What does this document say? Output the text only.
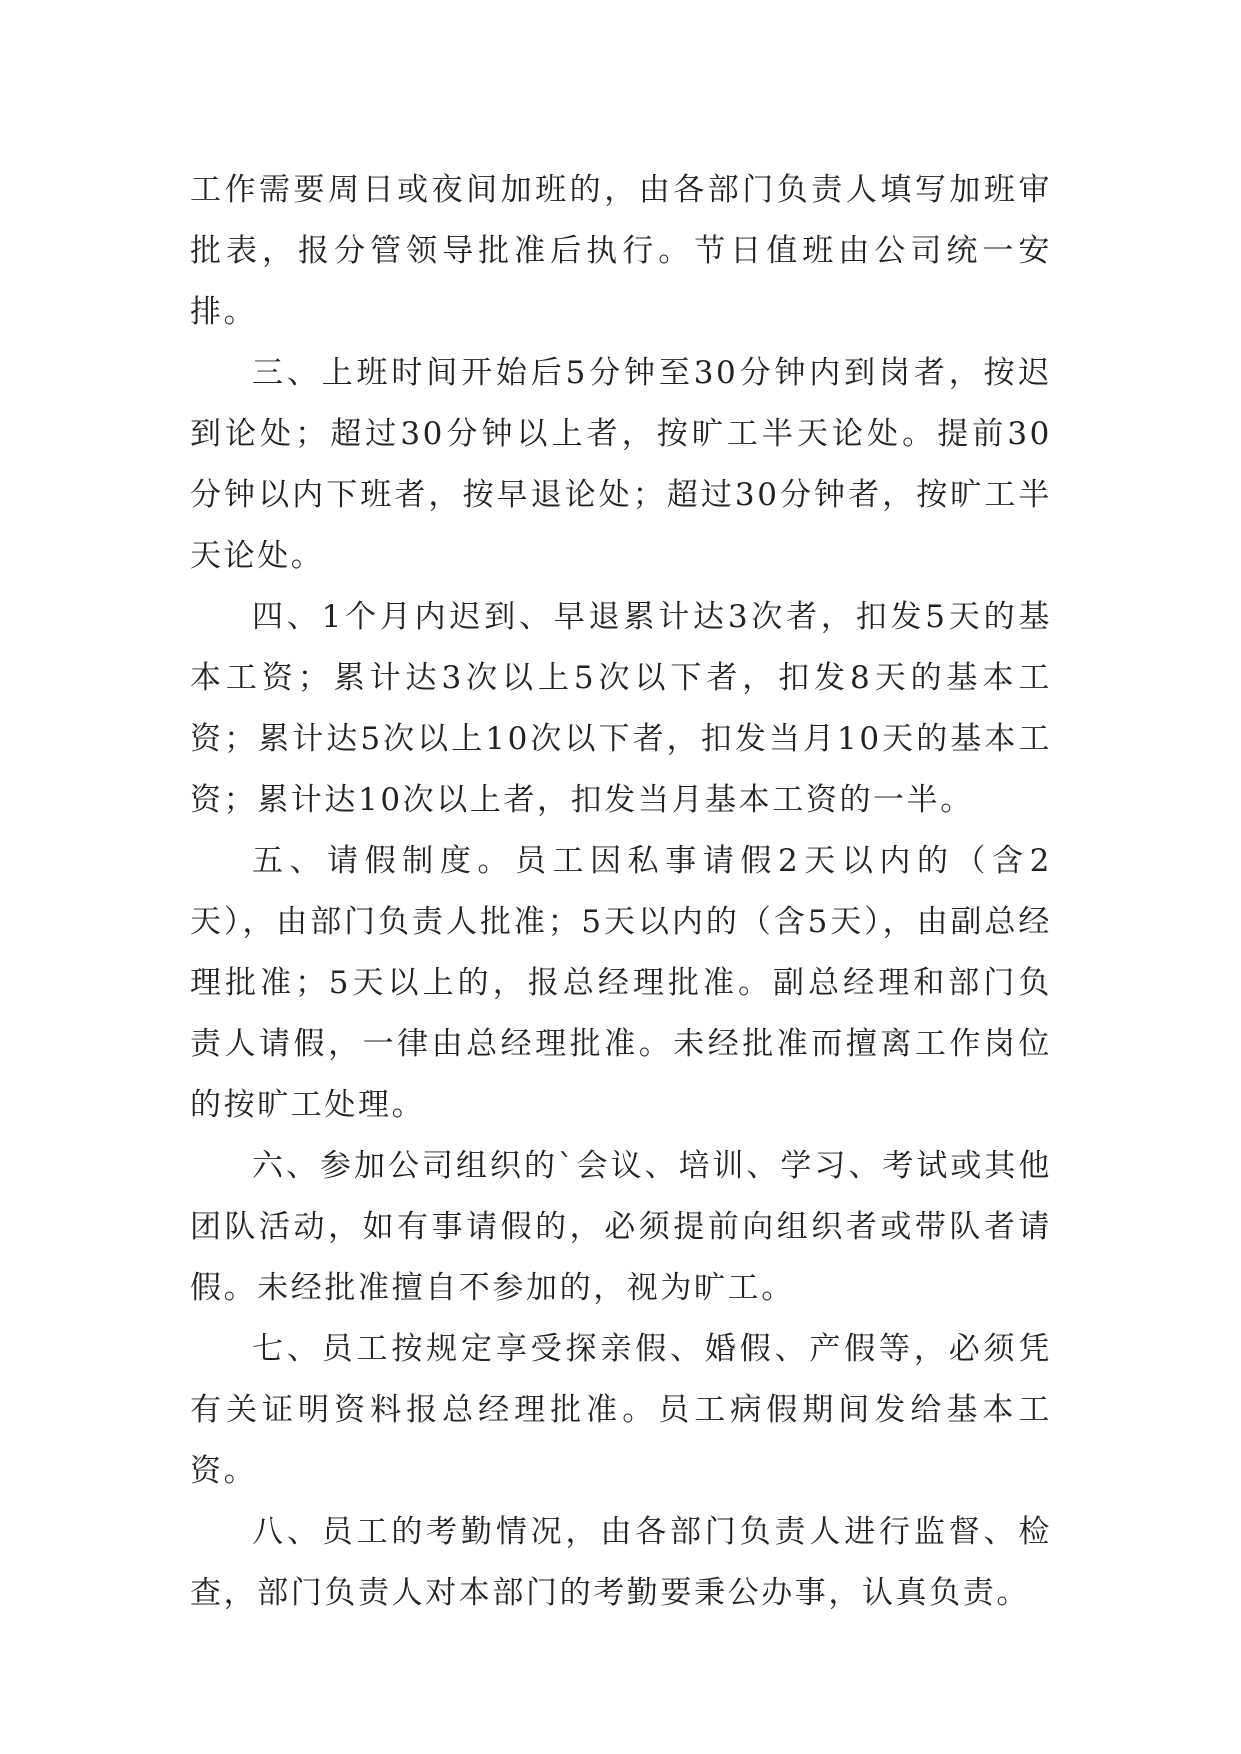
工作需要周日或夜间加班的，由各部门负责人填写加班审批表，报分管领导批准后执行。节日值班由公司统一安排。

三、上班时间开始后5分钟至30分钟内到岗者，按迟到论处；超过30分钟以上者，按旷工半天论处。提前30分钟以内下班者，按早退论处；超过30分钟者，按旷工半天论处。

四、1个月内迟到、早退累计达3次者，扣发5天的基本工资；累计达3次以上5次以下者，扣发8天的基本工资；累计达5次以上10次以下者，扣发当月10天的基本工资；累计达10次以上者，扣发当月基本工资的一半。

五、请假制度。员工因私事请假2天以内的（含2天），由部门负责人批准；5天以内的（含5天），由副总经理批准；5天以上的，报总经理批准。副总经理和部门负责人请假，一律由总经理批准。未经批准而擅离工作岗位的按旷工处理。

六、参加公司组织的`会议、培训、学习、考试或其他团队活动，如有事请假的，必须提前向组织者或带队者请假。未经批准擅自不参加的，视为旷工。

七、员工按规定享受探亲假、婚假、产假等，必须凭有关证明资料报总经理批准。员工病假期间发给基本工资。

八、员工的考勤情况，由各部门负责人进行监督、检查，部门负责人对本部门的考勤要秉公办事，认真负责。
